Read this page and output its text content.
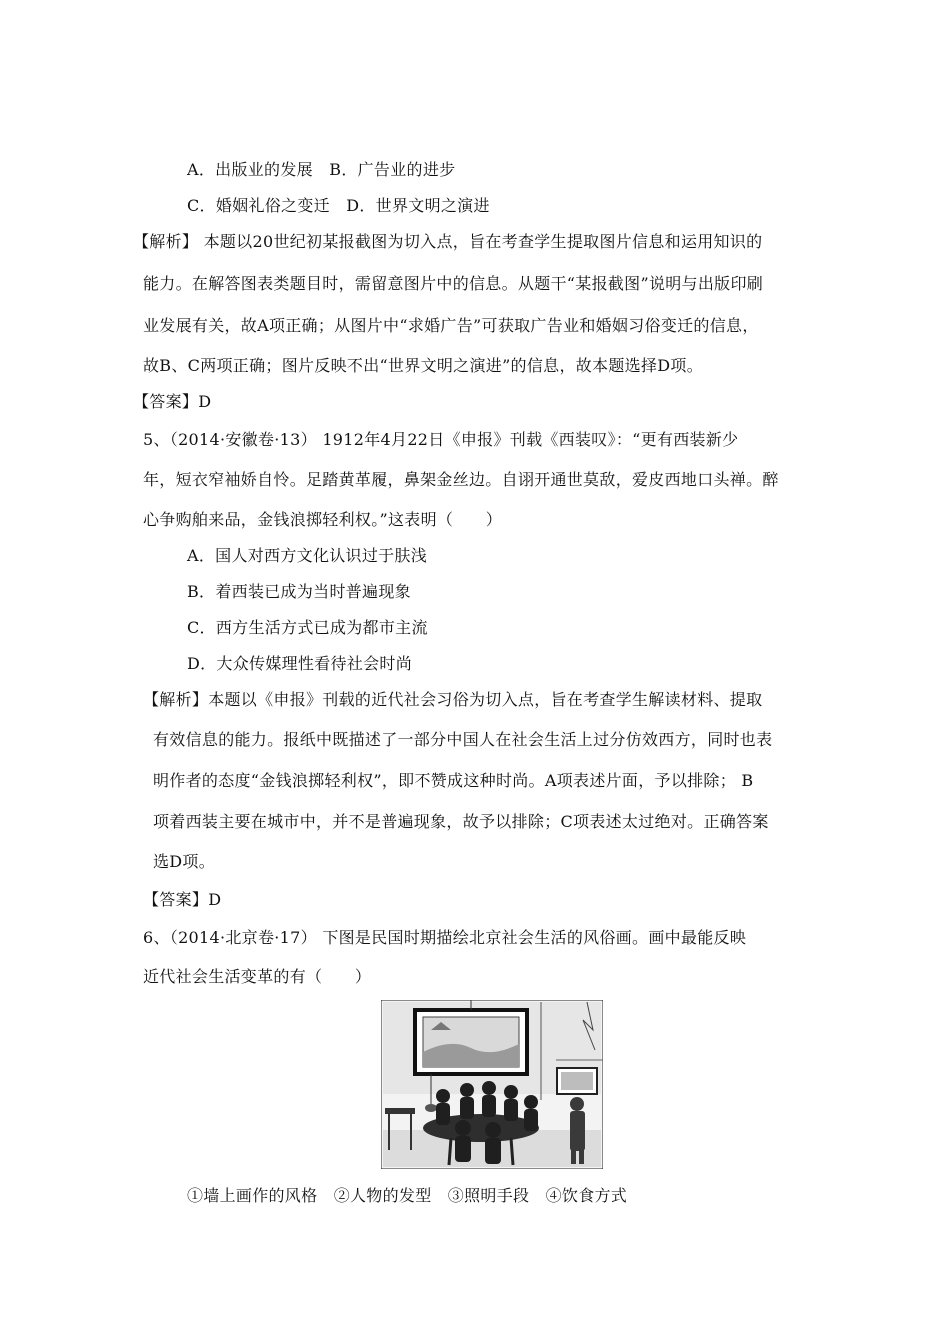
A．出版业的发展　B．广告业的进步
C．婚姻礼俗之变迁　D．世界文明之演进
【解析】 本题以20世纪初某报截图为切入点，旨在考查学生提取图片信息和运用知识的
能力。在解答图表类题目时，需留意图片中的信息。从题干“某报截图”说明与出版印刷
业发展有关，故A项正确；从图片中“求婚广告”可获取广告业和婚姻习俗变迁的信息，
故B、C两项正确；图片反映不出“世界文明之演进”的信息，故本题选择D项。
【答案】D
5、（2014·安徽卷·13） 1912年4月22日《申报》刊载《西装叹》：“更有西装新少
年，短衣窄袖娇自怜。足踏黄革履，鼻架金丝边。自诩开通世莫敌，爱皮西地口头禅。醉
心争购舶来品，金钱浪掷轻利权。”这表明（　　）
A．国人对西方文化认识过于肤浅
B．着西装已成为当时普遍现象
C．西方生活方式已成为都市主流
D．大众传媒理性看待社会时尚
【解析】本题以《申报》刊载的近代社会习俗为切入点，旨在考查学生解读材料、提取
有效信息的能力。报纸中既描述了一部分中国人在社会生活上过分仿效西方，同时也表
明作者的态度“金钱浪掷轻利权”，即不赞成这种时尚。A项表述片面，予以排除； B
项着西装主要在城市中，并不是普遍现象，故予以排除；C项表述太过绝对。正确答案
选D项。
【答案】D
6、（2014·北京卷·17） 下图是民国时期描绘北京社会生活的风俗画。画中最能反映
近代社会生活变革的有（　　）
①墙上画作的风格　②人物的发型　③照明手段　④饮食方式
